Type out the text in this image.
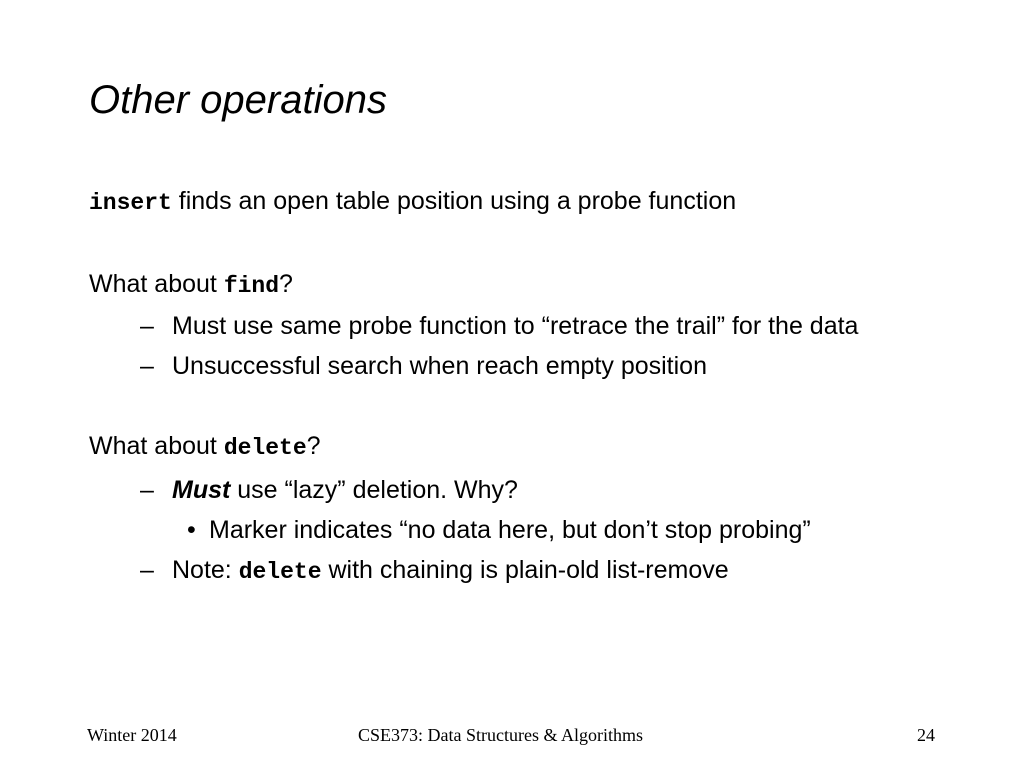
Other operations
insert finds an open table position using a probe function
What about find?
– Must use same probe function to “retrace the trail” for the data
– Unsuccessful search when reach empty position
What about delete?
– Must use “lazy” deletion. Why?
• Marker indicates “no data here, but don’t stop probing”
– Note: delete with chaining is plain-old list-remove
Winter 2014	CSE373: Data Structures & Algorithms	24
